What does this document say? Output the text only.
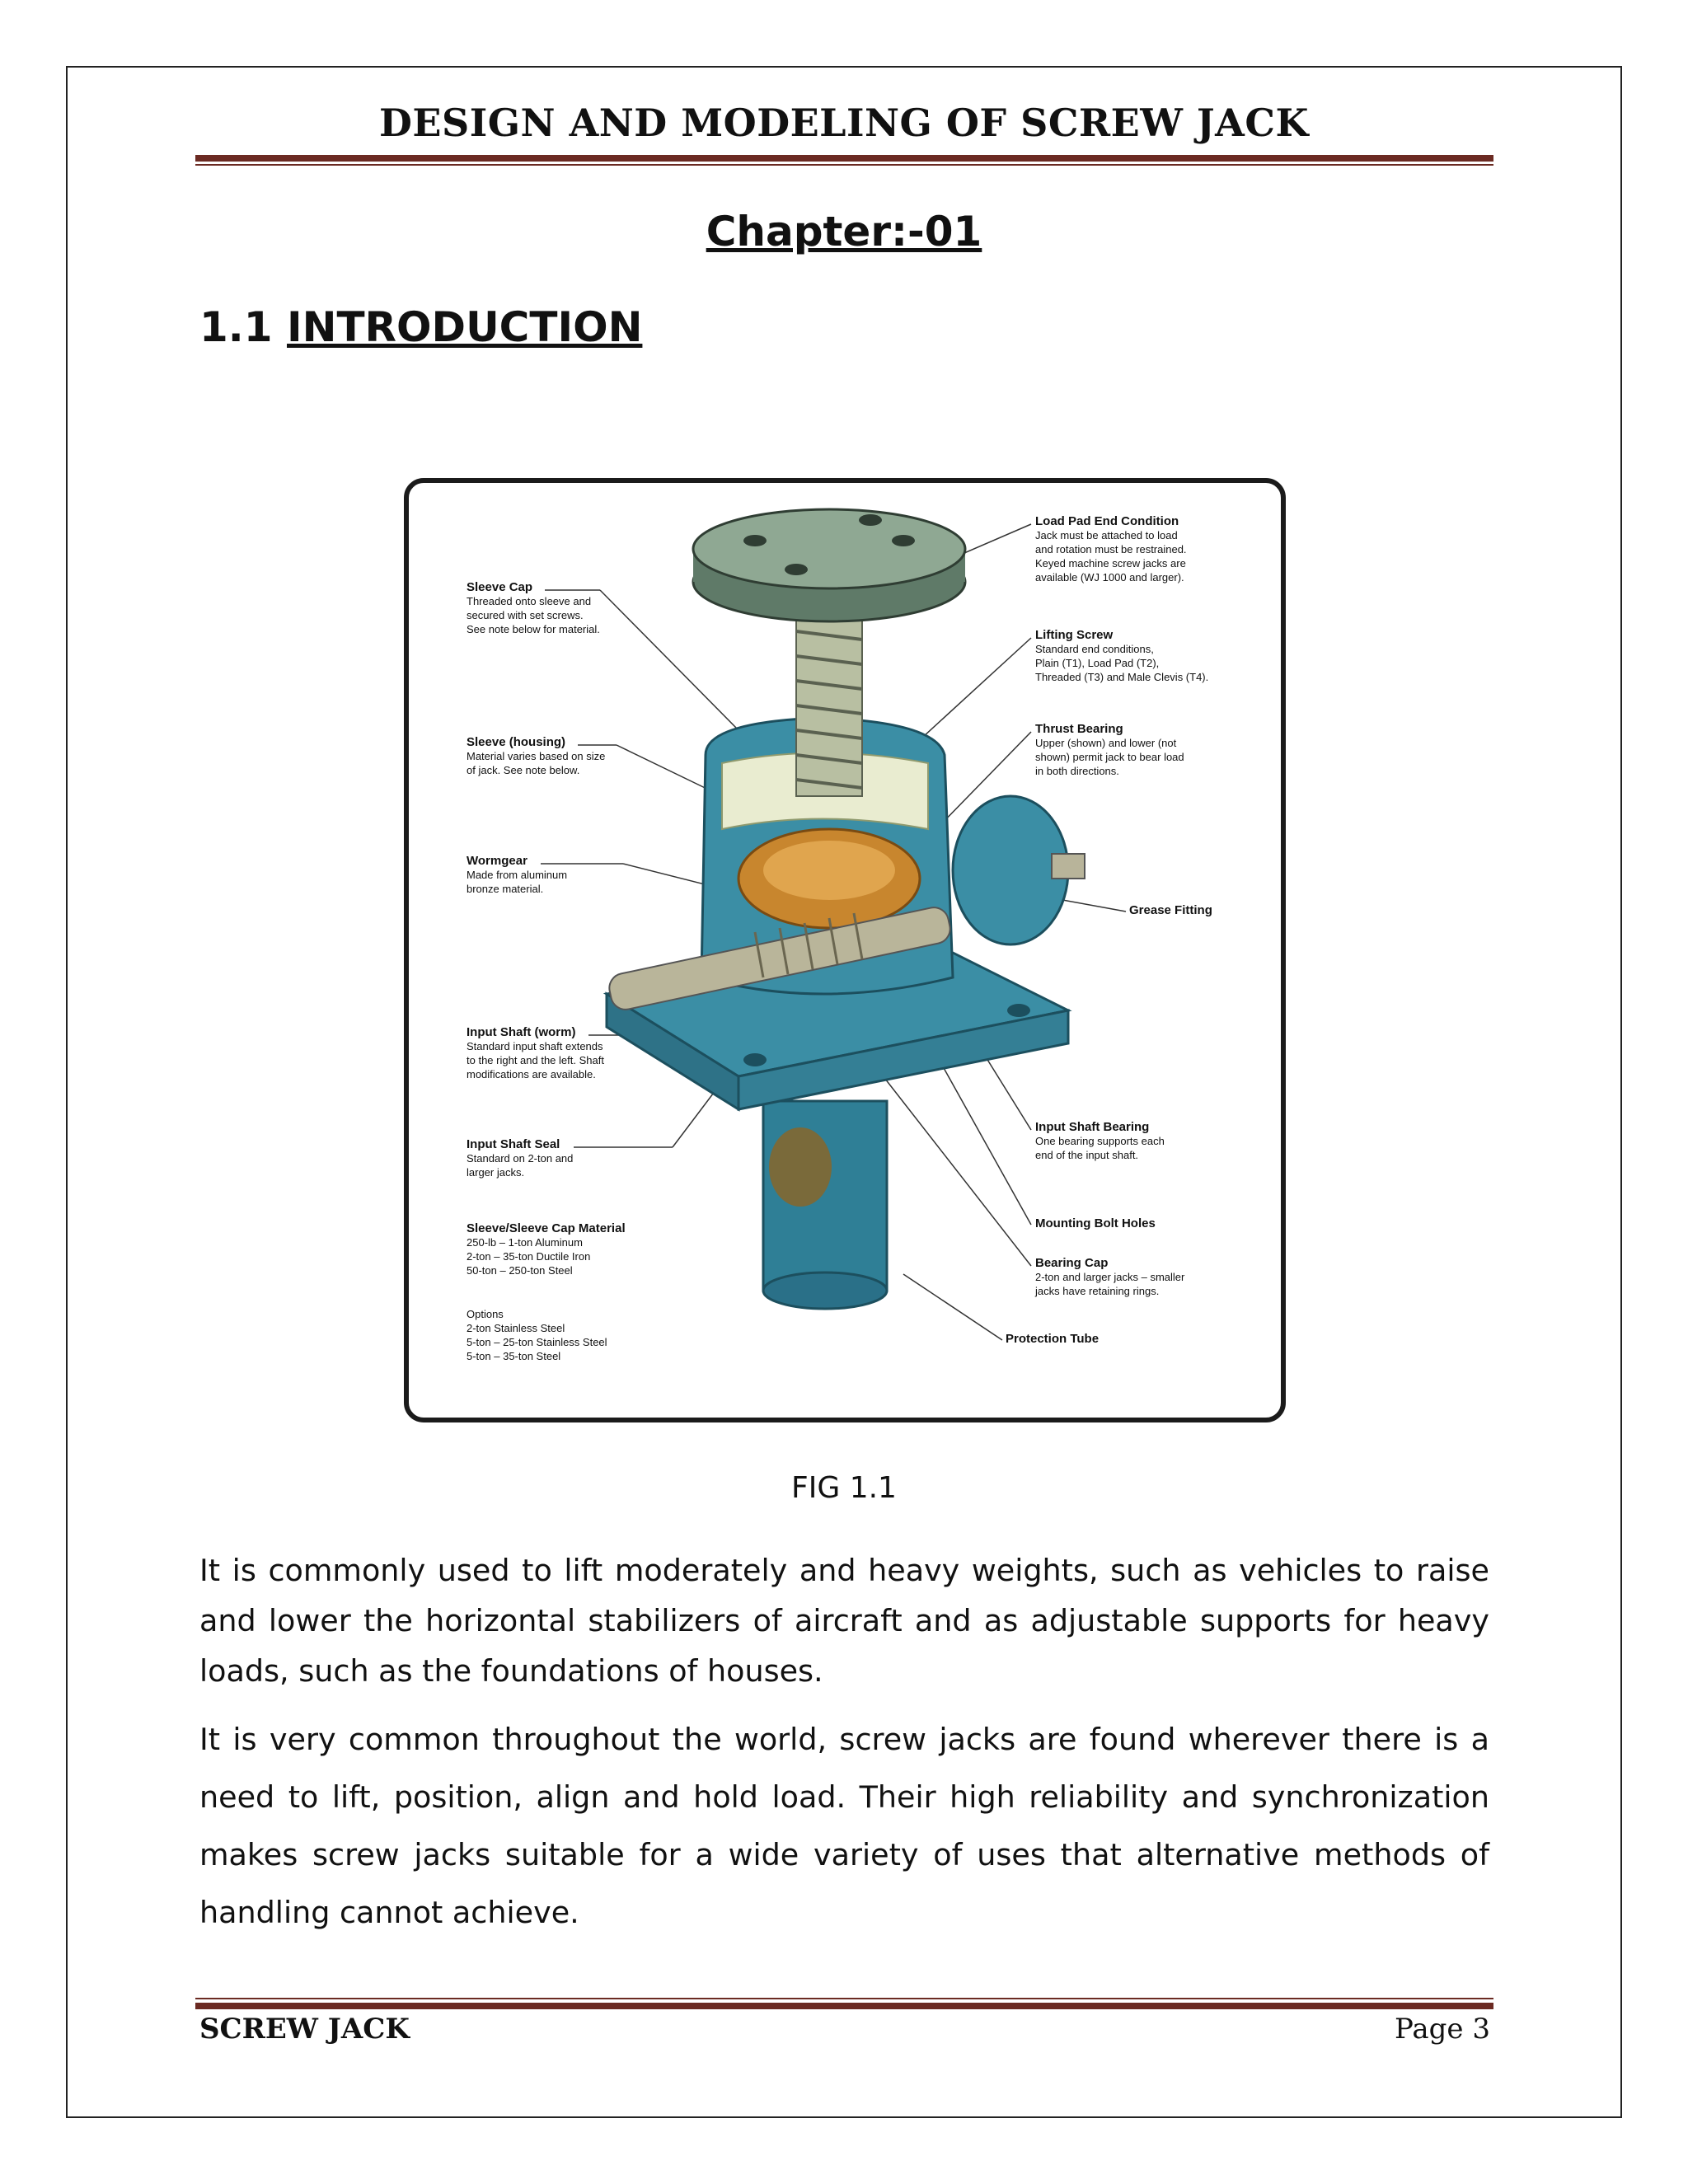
DESIGN AND MODELING OF SCREW JACK
Chapter:-01
1.1 INTRODUCTION
Sleeve Cap
Threaded onto sleeve and
secured with set screws.
See note below for material.
Sleeve (housing)
Material varies based on size
of jack. See note below.
Wormgear
Made from aluminum
bronze material.
Input Shaft (worm)
Standard input shaft extends
to the right and the left. Shaft
modifications are available.
Input Shaft Seal
Standard on 2-ton and
larger jacks.
Sleeve/Sleeve Cap Material
250-lb – 1-ton Aluminum
2-ton – 35-ton Ductile Iron
50-ton – 250-ton Steel
Options
2-ton Stainless Steel
5-ton – 25-ton Stainless Steel
5-ton – 35-ton Steel
Load Pad End Condition
Jack must be attached to load
and rotation must be restrained.
Keyed machine screw jacks are
available (WJ 1000 and larger).
Lifting Screw
Standard end conditions,
Plain (T1), Load Pad (T2),
Threaded (T3) and Male Clevis (T4).
Thrust Bearing
Upper (shown) and lower (not
shown) permit jack to bear load
in both directions.
Grease Fitting
Input Shaft Bearing
One bearing supports each
end of the input shaft.
Mounting Bolt Holes
Bearing Cap
2-ton and larger jacks – smaller
jacks have retaining rings.
Protection Tube
FIG 1.1
It is commonly used to lift moderately and heavy weights, such as vehicles to raise and lower the horizontal stabilizers of aircraft and as adjustable supports for heavy loads, such as the foundations of houses.
It is very common throughout the world, screw jacks are found wherever there is a need to lift, position, align and hold load. Their high reliability and synchronization makes screw jacks suitable for a wide variety of uses that alternative methods of handling cannot achieve.
SCREW JACK	Page 3
